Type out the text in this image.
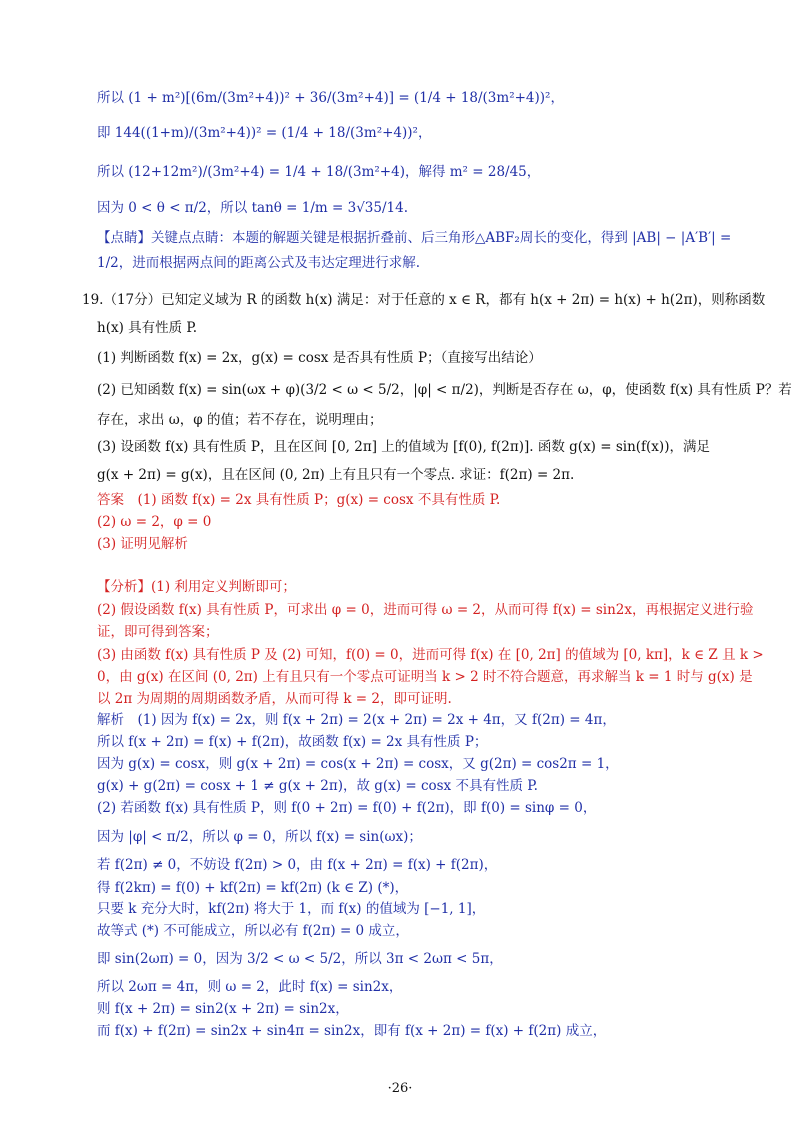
所以 (1 + m²)[(6m/(3m²+4))² + 36/(3m²+4)] = (1/4 + 18/(3m²+4))²，
即 144((1+m)/(3m²+4))² = (1/4 + 18/(3m²+4))²，
所以 (12+12m²)/(3m²+4) = 1/4 + 18/(3m²+4)，解得 m² = 28/45，
因为 0 < θ < π/2，所以 tanθ = 1/m = 3√35/14.
【点睛】关键点点睛：本题的解题关键是根据折叠前、后三角形△ABF₂周长的变化，得到 |AB| − |A′B′| =
1/2，进而根据两点间的距离公式及韦达定理进行求解.
19.（17分）已知定义域为 R 的函数 h(x) 满足：对于任意的 x ∈ R，都有 h(x + 2π) = h(x) + h(2π)，则称函数
h(x) 具有性质 P.
(1) 判断函数 f(x) = 2x，g(x) = cosx 是否具有性质 P；（直接写出结论）
(2) 已知函数 f(x) = sin(ωx + φ)(3/2 < ω < 5/2，|φ| < π/2)，判断是否存在 ω，φ，使函数 f(x) 具有性质 P？若
存在，求出 ω，φ 的值；若不存在，说明理由；
(3) 设函数 f(x) 具有性质 P，且在区间 [0, 2π] 上的值域为 [f(0), f(2π)]. 函数 g(x) = sin(f(x))，满足
g(x + 2π) = g(x)，且在区间 (0, 2π) 上有且只有一个零点. 求证：f(2π) = 2π.
答案　(1) 函数 f(x) = 2x 具有性质 P；g(x) = cosx 不具有性质 P.
(2) ω = 2，φ = 0
(3) 证明见解析
【分析】(1) 利用定义判断即可；
(2) 假设函数 f(x) 具有性质 P，可求出 φ = 0，进而可得 ω = 2，从而可得 f(x) = sin2x，再根据定义进行验
证，即可得到答案；
(3) 由函数 f(x) 具有性质 P 及 (2) 可知，f(0) = 0，进而可得 f(x) 在 [0, 2π] 的值域为 [0, kπ]，k ∈ Z 且 k >
0，由 g(x) 在区间 (0, 2π) 上有且只有一个零点可证明当 k > 2 时不符合题意，再求解当 k = 1 时与 g(x) 是
以 2π 为周期的周期函数矛盾，从而可得 k = 2，即可证明.
解析　(1) 因为 f(x) = 2x，则 f(x + 2π) = 2(x + 2π) = 2x + 4π，又 f(2π) = 4π，
所以 f(x + 2π) = f(x) + f(2π)，故函数 f(x) = 2x 具有性质 P；
因为 g(x) = cosx，则 g(x + 2π) = cos(x + 2π) = cosx，又 g(2π) = cos2π = 1，
g(x) + g(2π) = cosx + 1 ≠ g(x + 2π)，故 g(x) = cosx 不具有性质 P.
(2) 若函数 f(x) 具有性质 P，则 f(0 + 2π) = f(0) + f(2π)，即 f(0) = sinφ = 0，
因为 |φ| < π/2，所以 φ = 0，所以 f(x) = sin(ωx)；
若 f(2π) ≠ 0，不妨设 f(2π) > 0，由 f(x + 2π) = f(x) + f(2π)，
得 f(2kπ) = f(0) + kf(2π) = kf(2π) (k ∈ Z) (*)，
只要 k 充分大时，kf(2π) 将大于 1，而 f(x) 的值域为 [−1, 1]，
故等式 (*) 不可能成立，所以必有 f(2π) = 0 成立，
即 sin(2ωπ) = 0，因为 3/2 < ω < 5/2，所以 3π < 2ωπ < 5π，
所以 2ωπ = 4π，则 ω = 2，此时 f(x) = sin2x，
则 f(x + 2π) = sin2(x + 2π) = sin2x，
而 f(x) + f(2π) = sin2x + sin4π = sin2x，即有 f(x + 2π) = f(x) + f(2π) 成立，
·26·
